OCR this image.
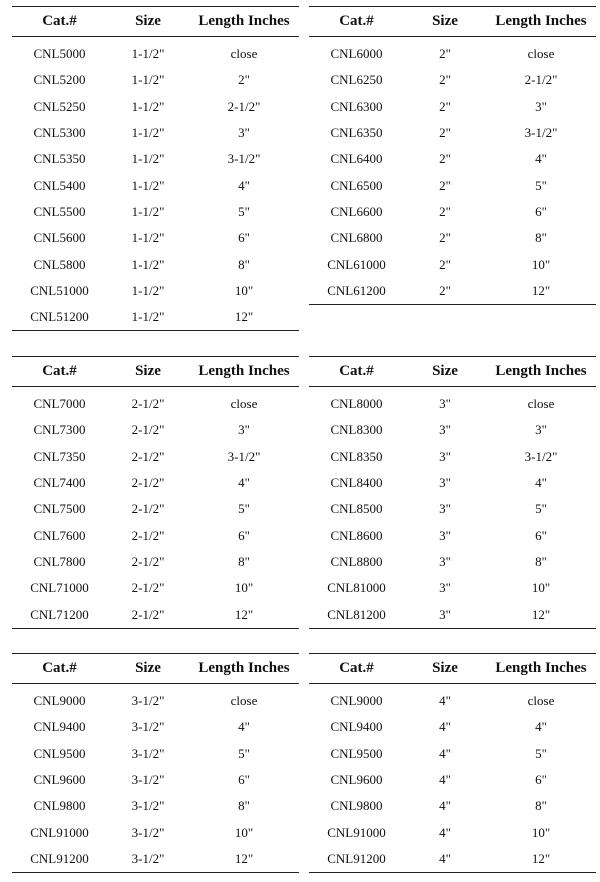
Cat.#	Size	Length Inches
CNL5000	1-1/2"	close
CNL5200	1-1/2"	2"
CNL5250	1-1/2"	2-1/2"
CNL5300	1-1/2"	3"
CNL5350	1-1/2"	3-1/2"
CNL5400	1-1/2"	4"
CNL5500	1-1/2"	5"
CNL5600	1-1/2"	6"
CNL5800	1-1/2"	8"
CNL51000	1-1/2"	10"
CNL51200	1-1/2"	12"
Cat.#	Size	Length Inches
CNL6000	2"	close
CNL6250	2"	2-1/2"
CNL6300	2"	3"
CNL6350	2"	3-1/2"
CNL6400	2"	4"
CNL6500	2"	5"
CNL6600	2"	6"
CNL6800	2"	8"
CNL61000	2"	10"
CNL61200	2"	12"
Cat.#	Size	Length Inches
CNL7000	2-1/2"	close
CNL7300	2-1/2"	3"
CNL7350	2-1/2"	3-1/2"
CNL7400	2-1/2"	4"
CNL7500	2-1/2"	5"
CNL7600	2-1/2"	6"
CNL7800	2-1/2"	8"
CNL71000	2-1/2"	10"
CNL71200	2-1/2"	12"
Cat.#	Size	Length Inches
CNL8000	3"	close
CNL8300	3"	3"
CNL8350	3"	3-1/2"
CNL8400	3"	4"
CNL8500	3"	5"
CNL8600	3"	6"
CNL8800	3"	8"
CNL81000	3"	10"
CNL81200	3"	12"
Cat.#	Size	Length Inches
CNL9000	3-1/2"	close
CNL9400	3-1/2"	4"
CNL9500	3-1/2"	5"
CNL9600	3-1/2"	6"
CNL9800	3-1/2"	8"
CNL91000	3-1/2"	10"
CNL91200	3-1/2"	12"
Cat.#	Size	Length Inches
CNL9000	4"	close
CNL9400	4"	4"
CNL9500	4"	5"
CNL9600	4"	6"
CNL9800	4"	8"
CNL91000	4"	10"
CNL91200	4"	12"
